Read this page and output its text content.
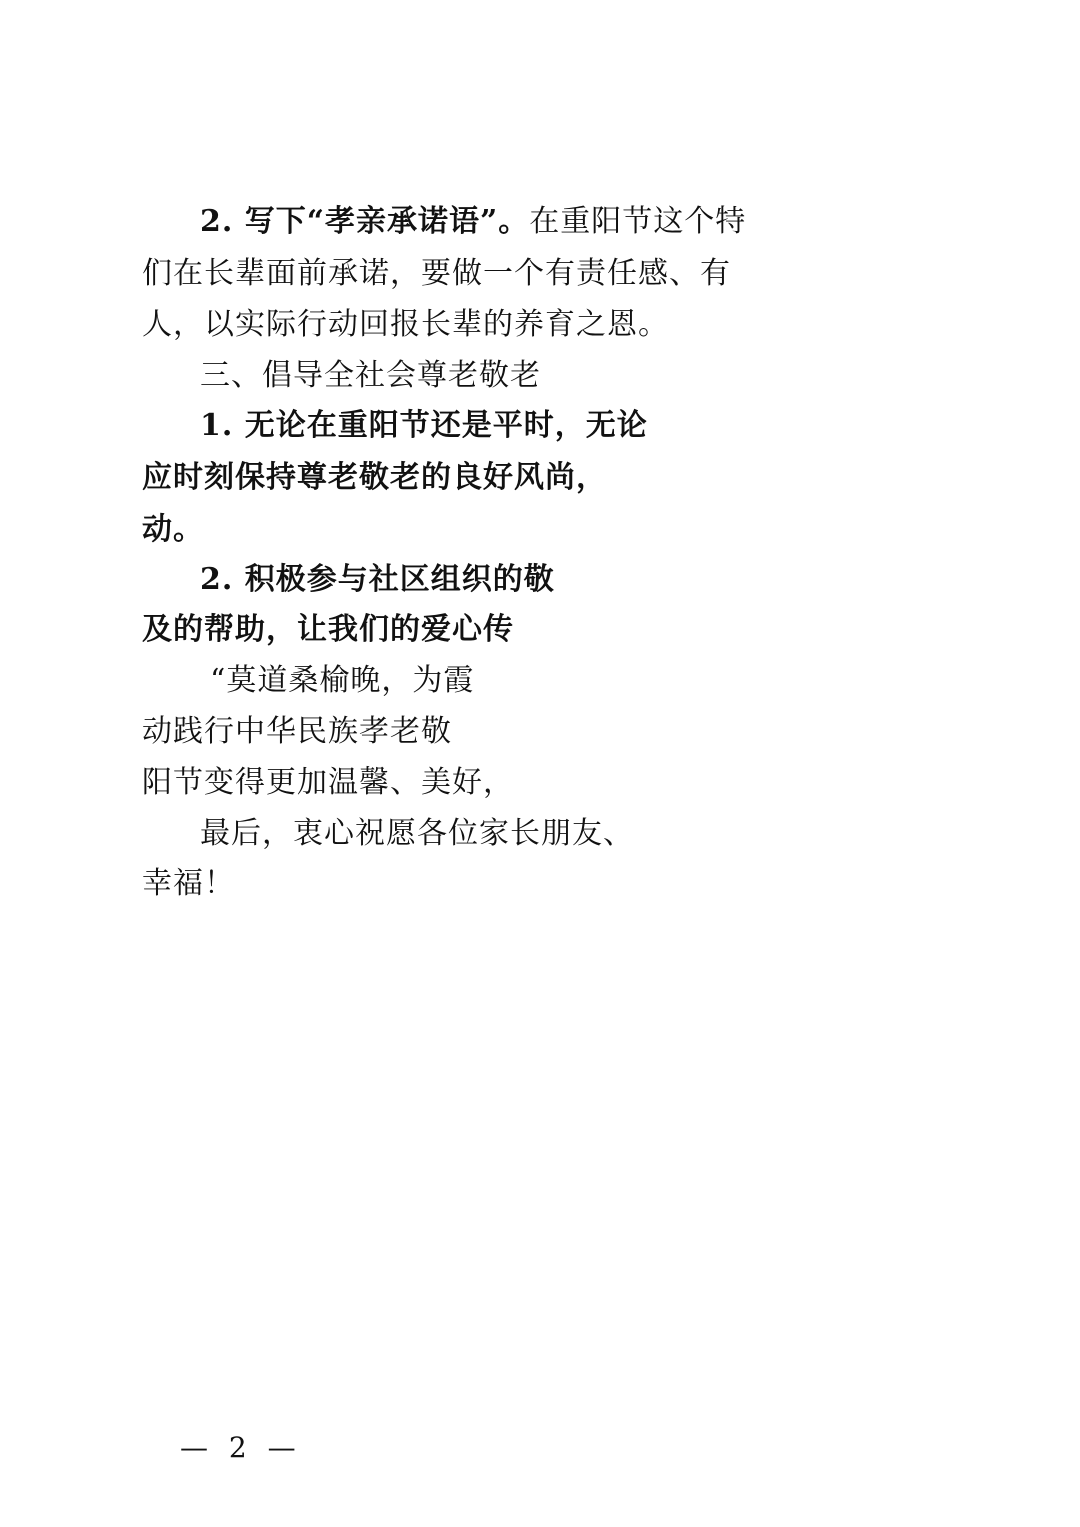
2. 写下“孝亲承诺语”。在重阳节这个特
们在长辈面前承诺，要做一个有责任感、有
人，以实际行动回报长辈的养育之恩。
三、倡导全社会尊老敬老
1. 无论在重阳节还是平时，无论
应时刻保持尊老敬老的良好风尚，
动。
2. 积极参与社区组织的敬
及的帮助，让我们的爱心传
“莫道桑榆晚，为霞
动践行中华民族孝老敬
阳节变得更加温馨、美好，
最后，衷心祝愿各位家长朋友、
幸福！
— 2 —
